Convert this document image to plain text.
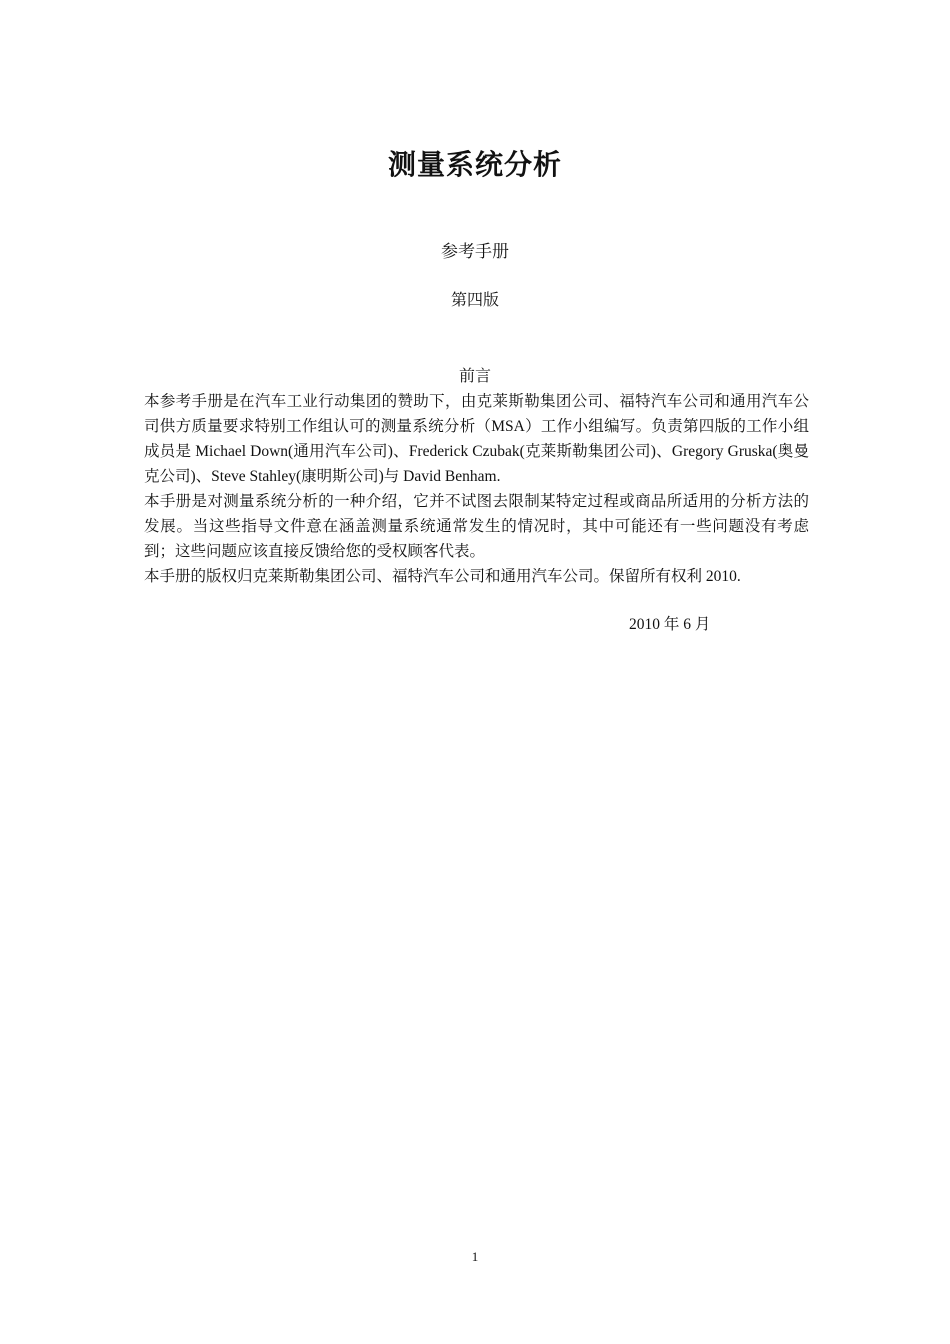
测量系统分析
参考手册
第四版
前言

本参考手册是在汽车工业行动集团的赞助下，由克莱斯勒集团公司、福特汽车公司和通用汽车公司供方质量要求特别工作组认可的测量系统分析（MSA）工作小组编写。负责第四版的工作小组成员是 Michael Down(通用汽车公司)、Frederick Czubak(克莱斯勒集团公司)、Gregory Gruska(奥曼克公司)、Steve Stahley(康明斯公司)与 David Benham.

本手册是对测量系统分析的一种介绍，它并不试图去限制某特定过程或商品所适用的分析方法的发展。当这些指导文件意在涵盖测量系统通常发生的情况时，其中可能还有一些问题没有考虑到；这些问题应该直接反馈给您的受权顾客代表。

本手册的版权归克莱斯勒集团公司、福特汽车公司和通用汽车公司。保留所有权利 2010.

2010 年 6 月
1
